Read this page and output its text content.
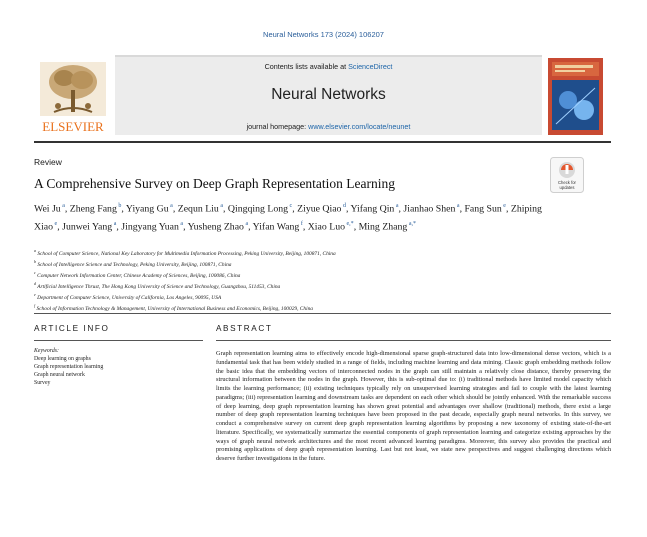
Neural Networks 173 (2024) 106207
Contents lists available at ScienceDirect
Neural Networks
journal homepage: www.elsevier.com/locate/neunet
ELSEVIER
Review
A Comprehensive Survey on Deep Graph Representation Learning	Check for
updates
Wei Ju $^a$, Zheng Fang $^b$, Yiyang Gu $^a$, Zequn Liu $^a$, Qingqing Long $^c$, Ziyue Qiao $^d$, Yifang Qin $^a$, Jianhao Shen $^a$, Fang Sun $^e$, Zhiping Xiao $^e$, Junwei Yang $^a$, Jingyang Yuan $^a$, Yusheng Zhao $^a$, Yifan Wang $^f$, Xiao Luo $^{e,*}$, Ming Zhang $^{a,*}$
$^a$ School of Computer Science, National Key Laboratory for Multimedia Information Processing, Peking University, Beijing, 100871, China
$^b$ School of Intelligence Science and Technology, Peking University, Beijing, 100871, China
$^c$ Computer Network Information Center, Chinese Academy of Sciences, Beijing, 100086, China
$^d$ Artificial Intelligence Thrust, The Hong Kong University of Science and Technology, Guangzhou, 511453, China
$^e$ Department of Computer Science, University of California, Los Angeles, 90095, USA
$^f$ School of Information Technology & Management, University of International Business and Economics, Beijing, 100029, China
ARTICLE INFO
Keywords:
Deep learning on graphs
Graph representation learning
Graph neural network
Survey
ABSTRACT

Graph representation learning aims to effectively encode high-dimensional sparse graph-structured data into low-dimensional dense vectors, which is a fundamental task that has been widely studied in a range of fields, including machine learning and data mining. Classic graph embedding methods follow the basic idea that the embedding vectors of interconnected nodes in the graph can still maintain a relatively close distance, thereby preserving the structural information between the nodes in the graph. However, this is sub-optimal due to: (i) traditional methods have limited model capacity which limits the learning performance; (ii) existing techniques typically rely on unsupervised learning strategies and fail to couple with the latest learning paradigms; (iii) representation learning and downstream tasks are dependent on each other which should be jointly enhanced. With the remarkable success of deep learning, deep graph representation learning has shown great potential and advantages over shallow (traditional) methods, there exist a large number of deep graph representation learning techniques have been proposed in the past decade, especially graph neural networks. In this survey, we conduct a comprehensive survey on current deep graph representation learning algorithms by proposing a new taxonomy of existing state-of-the-art literature. Specifically, we systematically summarize the essential components of graph representation learning and categorize existing approaches by the ways of graph neural network architectures and the most recent advanced learning paradigms. Moreover, this survey also provides the practical and promising applications of deep graph representation learning. Last but not least, we state new perspectives and suggest challenging directions which deserve further investigations in the future.
